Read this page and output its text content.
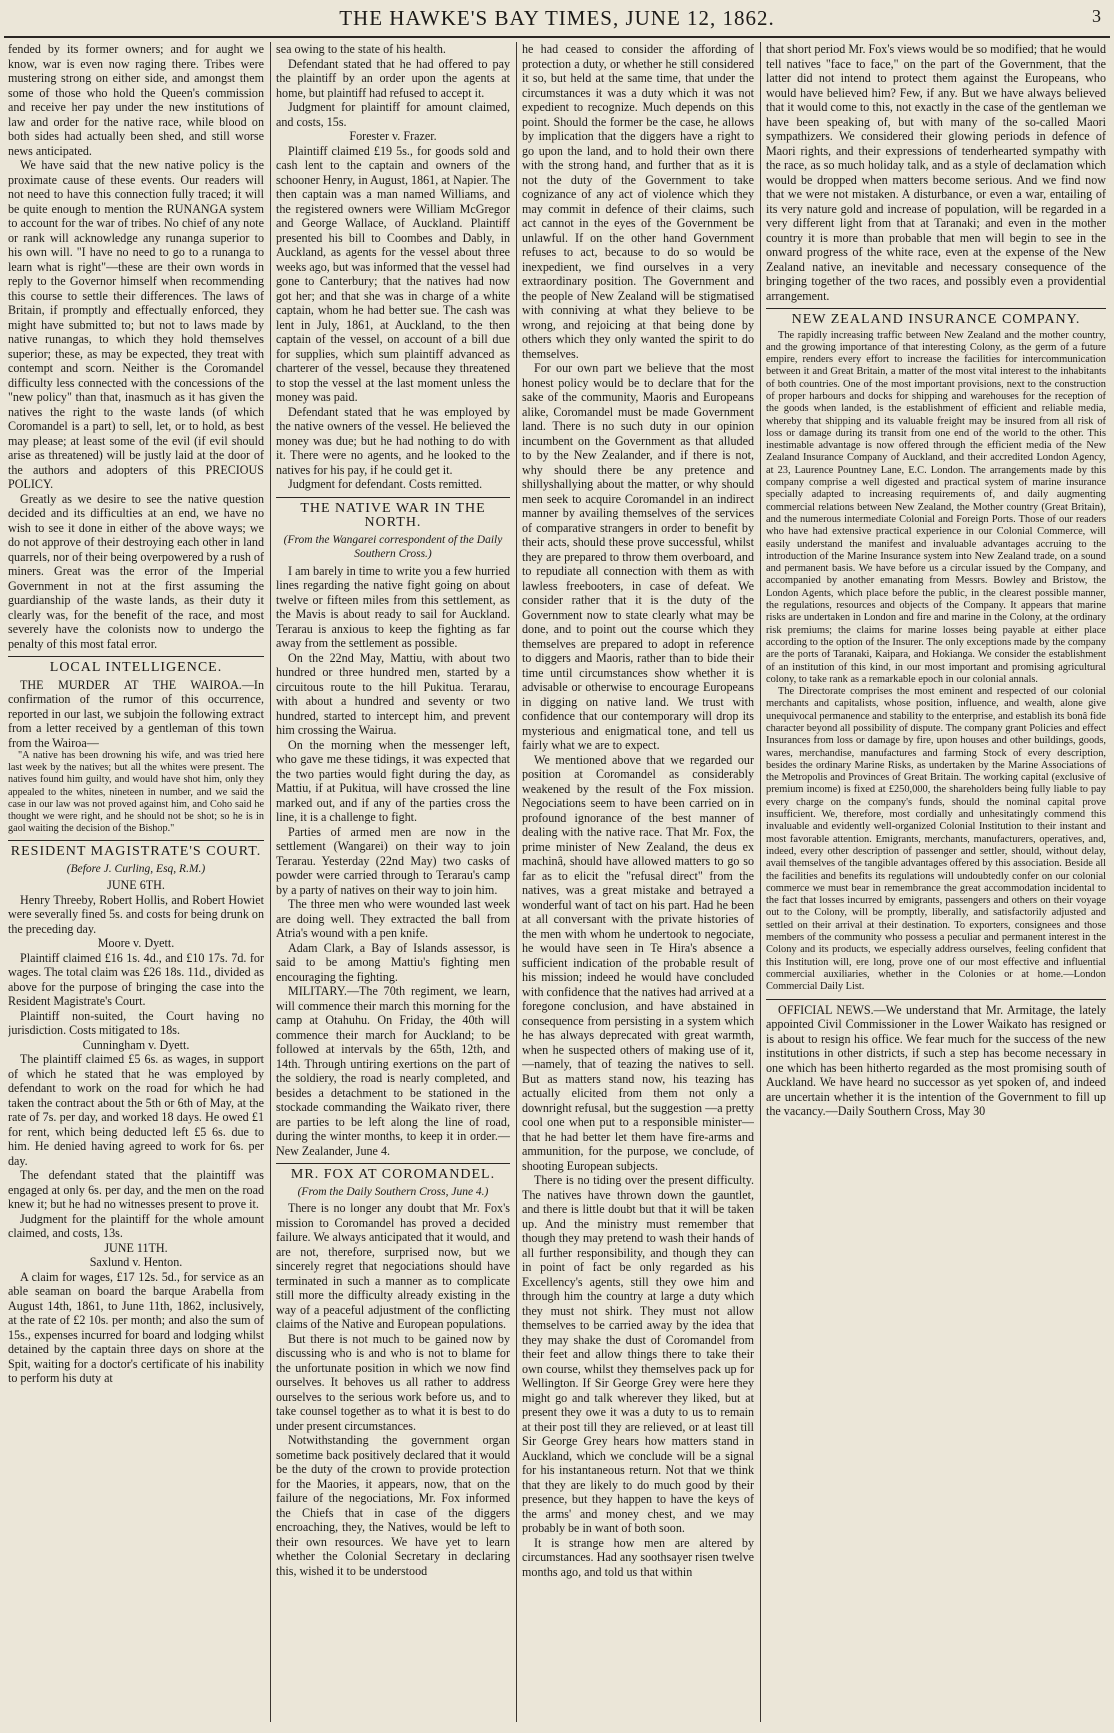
THE HAWKE'S BAY TIMES, JUNE 12, 1862.	3

fended by its former owners; and for aught we know, war is even now raging there. Tribes were mustering strong on either side, and amongst them some of those who hold the Queen's commission and receive her pay under the new institutions of law and order for the native race, while blood on both sides had actually been shed, and still worse news anticipated.

We have said that the new native policy is the proximate cause of these events. Our readers will not need to have this connection fully traced; it will be quite enough to mention the RUNANGA system to account for the war of tribes. No chief of any note or rank will acknowledge any runanga superior to his own will. "I have no need to go to a runanga to learn what is right"—these are their own words in reply to the Governor himself when recommending this course to settle their differences. The laws of Britain, if promptly and effectually enforced, they might have submitted to; but not to laws made by native runangas, to which they hold themselves superior; these, as may be expected, they treat with contempt and scorn. Neither is the Coromandel difficulty less connected with the concessions of the "new policy" than that, inasmuch as it has given the natives the right to the waste lands (of which Coromandel is a part) to sell, let, or to hold, as best may please; at least some of the evil (if evil should arise as threatened) will be justly laid at the door of the authors and adopters of this PRECIOUS POLICY.

Greatly as we desire to see the native question decided and its difficulties at an end, we have no wish to see it done in either of the above ways; we do not approve of their destroying each other in land quarrels, nor of their being overpowered by a rush of miners. Great was the error of the Imperial Government in not at the first assuming the guardianship of the waste lands, as their duty it clearly was, for the benefit of the race, and most severely have the colonists now to undergo the penalty of this most fatal error.

LOCAL INTELLIGENCE.

THE MURDER AT THE WAIROA.—In confirmation of the rumor of this occurrence, reported in our last, we subjoin the following extract from a letter received by a gentleman of this town from the Wairoa—

"A native has been drowning his wife, and was tried here last week by the natives; but all the whites were present. The natives found him guilty, and would have shot him, only they appealed to the whites, nineteen in number, and we said the case in our law was not proved against him, and Coho said he thought we were right, and he should not be shot; so he is in gaol waiting the decision of the Bishop."

RESIDENT MAGISTRATE'S COURT.
(Before J. Curling, Esq, R.M.)

JUNE 6TH.

Henry Threeby, Robert Hollis, and Robert Howiet were severally fined 5s. and costs for being drunk on the preceding day.

Moore v. Dyett.

Plaintiff claimed £16 1s. 4d., and £10 17s. 7d. for wages. The total claim was £26 18s. 11d., divided as above for the purpose of bringing the case into the Resident Magistrate's Court.

Plaintiff non-suited, the Court having no jurisdiction. Costs mitigated to 18s.

Cunningham v. Dyett.

The plaintiff claimed £5 6s. as wages, in support of which he stated that he was employed by defendant to work on the road for which he had taken the contract about the 5th or 6th of May, at the rate of 7s. per day, and worked 18 days. He owed £1 for rent, which being deducted left £5 6s. due to him. He denied having agreed to work for 6s. per day.

The defendant stated that the plaintiff was engaged at only 6s. per day, and the men on the road knew it; but he had no witnesses present to prove it.

Judgment for the plaintiff for the whole amount claimed, and costs, 13s.

JUNE 11TH.

Saxlund v. Henton.

A claim for wages, £17 12s. 5d., for service as an able seaman on board the barque Arabella from August 14th, 1861, to June 11th, 1862, inclusively, at the rate of £2 10s. per month; and also the sum of 15s., expenses incurred for board and lodging whilst detained by the captain three days on shore at the Spit, waiting for a doctor's certificate of his inability to perform his duty at

sea owing to the state of his health.

Defendant stated that he had offered to pay the plaintiff by an order upon the agents at home, but plaintiff had refused to accept it.

Judgment for plaintiff for amount claimed, and costs, 15s.

Forester v. Frazer.

Plaintiff claimed £19 5s., for goods sold and cash lent to the captain and owners of the schooner Henry, in August, 1861, at Napier. The then captain was a man named Williams, and the registered owners were William McGregor and George Wallace, of Auckland. Plaintiff presented his bill to Coombes and Dably, in Auckland, as agents for the vessel about three weeks ago, but was informed that the vessel had gone to Canterbury; that the natives had now got her; and that she was in charge of a white captain, whom he had better sue. The cash was lent in July, 1861, at Auckland, to the then captain of the vessel, on account of a bill due for supplies, which sum plaintiff advanced as charterer of the vessel, because they threatened to stop the vessel at the last moment unless the money was paid.

Defendant stated that he was employed by the native owners of the vessel. He believed the money was due; but he had nothing to do with it. There were no agents, and he looked to the natives for his pay, if he could get it.

Judgment for defendant. Costs remitted.

THE NATIVE WAR IN THE NORTH.
(From the Wangarei correspondent of the Daily Southern Cross.)

I am barely in time to write you a few hurried lines regarding the native fight going on about twelve or fifteen miles from this settlement, as the Mavis is about ready to sail for Auckland. Terarau is anxious to keep the fighting as far away from the settlement as possible.

On the 22nd May, Mattiu, with about two hundred or three hundred men, started by a circuitous route to the hill Pukitua. Terarau, with about a hundred and seventy or two hundred, started to intercept him, and prevent him crossing the Wairua.

On the morning when the messenger left, who gave me these tidings, it was expected that the two parties would fight during the day, as Mattiu, if at Pukitua, will have crossed the line marked out, and if any of the parties cross the line, it is a challenge to fight.

Parties of armed men are now in the settlement (Wangarei) on their way to join Terarau. Yesterday (22nd May) two casks of powder were carried through to Terarau's camp by a party of natives on their way to join him.

The three men who were wounded last week are doing well. They extracted the ball from Atria's wound with a pen knife.

Adam Clark, a Bay of Islands assessor, is said to be among Mattiu's fighting men encouraging the fighting.

MILITARY.—The 70th regiment, we learn, will commence their march this morning for the camp at Otahuhu. On Friday, the 40th will commence their march for Auckland; to be followed at intervals by the 65th, 12th, and 14th. Through untiring exertions on the part of the soldiery, the road is nearly completed, and besides a detachment to be stationed in the stockade commanding the Waikato river, there are parties to be left along the line of road, during the winter months, to keep it in order.—New Zealander, June 4.

MR. FOX AT COROMANDEL.
(From the Daily Southern Cross, June 4.)

There is no longer any doubt that Mr. Fox's mission to Coromandel has proved a decided failure. We always anticipated that it would, and are not, therefore, surprised now, but we sincerely regret that negociations should have terminated in such a manner as to complicate still more the difficulty already existing in the way of a peaceful adjustment of the conflicting claims of the Native and European populations.

But there is not much to be gained now by discussing who is and who is not to blame for the unfortunate position in which we now find ourselves. It behoves us all rather to address ourselves to the serious work before us, and to take counsel together as to what it is best to do under present circumstances.

Notwithstanding the government organ sometime back positively declared that it would be the duty of the crown to provide protection for the Maories, it appears, now, that on the failure of the negociations, Mr. Fox informed the Chiefs that in case of the diggers encroaching, they, the Natives, would be left to their own resources. We have yet to learn whether the Colonial Secretary in declaring this, wished it to be understood

he had ceased to consider the affording of protection a duty, or whether he still considered it so, but held at the same time, that under the circumstances it was a duty which it was not expedient to recognize. Much depends on this point. Should the former be the case, he allows by implication that the diggers have a right to go upon the land, and to hold their own there with the strong hand, and further that as it is not the duty of the Government to take cognizance of any act of violence which they may commit in defence of their claims, such act cannot in the eyes of the Government be unlawful. If on the other hand Government refuses to act, because to do so would be inexpedient, we find ourselves in a very extraordinary position. The Government and the people of New Zealand will be stigmatised with conniving at what they believe to be wrong, and rejoicing at that being done by others which they only wanted the spirit to do themselves.

For our own part we believe that the most honest policy would be to declare that for the sake of the community, Maoris and Europeans alike, Coromandel must be made Government land. There is no such duty in our opinion incumbent on the Government as that alluded to by the New Zealander, and if there is not, why should there be any pretence and shillyshallying about the matter, or why should men seek to acquire Coromandel in an indirect manner by availing themselves of the services of comparative strangers in order to benefit by their acts, should these prove successful, whilst they are prepared to throw them overboard, and to repudiate all connection with them as with lawless freebooters, in case of defeat. We consider rather that it is the duty of the Government now to state clearly what may be done, and to point out the course which they themselves are prepared to adopt in reference to diggers and Maoris, rather than to bide their time until circumstances show whether it is advisable or otherwise to encourage Europeans in digging on native land. We trust with confidence that our contemporary will drop its mysterious and enigmatical tone, and tell us fairly what we are to expect.

We mentioned above that we regarded our position at Coromandel as considerably weakened by the result of the Fox mission. Negociations seem to have been carried on in profound ignorance of the best manner of dealing with the native race. That Mr. Fox, the prime minister of New Zealand, the deus ex machinâ, should have allowed matters to go so far as to elicit the "refusal direct" from the natives, was a great mistake and betrayed a wonderful want of tact on his part. Had he been at all conversant with the private histories of the men with whom he undertook to negociate, he would have seen in Te Hira's absence a sufficient indication of the probable result of his mission; indeed he would have concluded with confidence that the natives had arrived at a foregone conclusion, and have abstained in consequence from persisting in a system which he has always deprecated with great warmth, when he suspected others of making use of it,—namely, that of teazing the natives to sell. But as matters stand now, his teazing has actually elicited from them not only a downright refusal, but the suggestion —a pretty cool one when put to a responsible minister—that he had better let them have fire-arms and ammunition, for the purpose, we conclude, of shooting European subjects.

There is no tiding over the present difficulty. The natives have thrown down the gauntlet, and there is little doubt but that it will be taken up. And the ministry must remember that though they may pretend to wash their hands of all further responsibility, and though they can in point of fact be only regarded as his Excellency's agents, still they owe him and through him the country at large a duty which they must not shirk. They must not allow themselves to be carried away by the idea that they may shake the dust of Coromandel from their feet and allow things there to take their own course, whilst they themselves pack up for Wellington. If Sir George Grey were here they might go and talk wherever they liked, but at present they owe it was a duty to us to remain at their post till they are relieved, or at least till Sir George Grey hears how matters stand in Auckland, which we conclude will be a signal for his instantaneous return. Not that we think that they are likely to do much good by their presence, but they happen to have the keys of the arms' and money chest, and we may probably be in want of both soon.

It is strange how men are altered by circumstances. Had any soothsayer risen twelve months ago, and told us that within

that short period Mr. Fox's views would be so modified; that he would tell natives "face to face," on the part of the Government, that the latter did not intend to protect them against the Europeans, who would have believed him? Few, if any. But we have always believed that it would come to this, not exactly in the case of the gentleman we have been speaking of, but with many of the so-called Maori sympathizers. We considered their glowing periods in defence of Maori rights, and their expressions of tenderhearted sympathy with the race, as so much holiday talk, and as a style of declamation which would be dropped when matters become serious. And we find now that we were not mistaken. A disturbance, or even a war, entailing of its very nature gold and increase of population, will be regarded in a very different light from that at Taranaki; and even in the mother country it is more than probable that men will begin to see in the onward progress of the white race, even at the expense of the New Zealand native, an inevitable and necessary consequence of the bringing together of the two races, and possibly even a providential arrangement.

NEW ZEALAND INSURANCE COMPANY.

The rapidly increasing traffic between New Zealand and the mother country, and the growing importance of that interesting Colony, as the germ of a future empire, renders every effort to increase the facilities for intercommunication between it and Great Britain, a matter of the most vital interest to the inhabitants of both countries. One of the most important provisions, next to the construction of proper harbours and docks for shipping and warehouses for the reception of the goods when landed, is the establishment of efficient and reliable media, whereby that shipping and its valuable freight may be insured from all risk of loss or damage during its transit from one end of the world to the other. This inestimable advantage is now offered through the efficient media of the New Zealand Insurance Company of Auckland, and their accredited London Agency, at 23, Laurence Pountney Lane, E.C. London. The arrangements made by this company comprise a well digested and practical system of marine insurance specially adapted to increasing requirements of, and daily augmenting commercial relations between New Zealand, the Mother country (Great Britain), and the numerous intermediate Colonial and Foreign Ports. Those of our readers who have had extensive practical experience in our Colonial Commerce, will easily understand the manifest and invaluable advantages accruing to the introduction of the Marine Insurance system into New Zealand trade, on a sound and permanent basis. We have before us a circular issued by the Company, and accompanied by another emanating from Messrs. Bowley and Bristow, the London Agents, which place before the public, in the clearest possible manner, the regulations, resources and objects of the Company. It appears that marine risks are undertaken in London and fire and marine in the Colony, at the ordinary risk premiums; the claims for marine losses being payable at either place according to the option of the Insurer. The only exceptions made by the company are the ports of Taranaki, Kaipara, and Hokianga. We consider the establishment of an institution of this kind, in our most important and promising agricultural colony, to take rank as a remarkable epoch in our colonial annals.

The Directorate comprises the most eminent and respected of our colonial merchants and capitalists, whose position, influence, and wealth, alone give unequivocal permanence and stability to the enterprise, and establish its bonâ fide character beyond all possibility of dispute. The company grant Policies and effect Insurances from loss or damage by fire, upon houses and other buildings, goods, wares, merchandise, manufactures and farming Stock of every description, besides the ordinary Marine Risks, as undertaken by the Marine Associations of the Metropolis and Provinces of Great Britain. The working capital (exclusive of premium income) is fixed at £250,000, the shareholders being fully liable to pay every charge on the company's funds, should the nominal capital prove insufficient. We, therefore, most cordially and unhesitatingly commend this invaluable and evidently well-organized Colonial Institution to their instant and most favorable attention. Emigrants, merchants, manufacturers, operatives, and, indeed, every other description of passenger and settler, should, without delay, avail themselves of the tangible advantages offered by this association. Beside all the facilities and benefits its regulations will undoubtedly confer on our colonial commerce we must bear in remembrance the great accommodation incidental to the fact that losses incurred by emigrants, passengers and others on their voyage out to the Colony, will be promptly, liberally, and satisfactorily adjusted and settled on their arrival at their destination. To exporters, consignees and those members of the community who possess a peculiar and permanent interest in the Colony and its products, we especially address ourselves, feeling confident that this Institution will, ere long, prove one of our most effective and influential commercial auxiliaries, whether in the Colonies or at home.—London Commercial Daily List.

OFFICIAL NEWS.—We understand that Mr. Armitage, the lately appointed Civil Commissioner in the Lower Waikato has resigned or is about to resign his office. We fear much for the success of the new institutions in other districts, if such a step has become necessary in one which has been hitherto regarded as the most promising south of Auckland. We have heard no successor as yet spoken of, and indeed are uncertain whether it is the intention of the Government to fill up the vacancy.—Daily Southern Cross, May 30
